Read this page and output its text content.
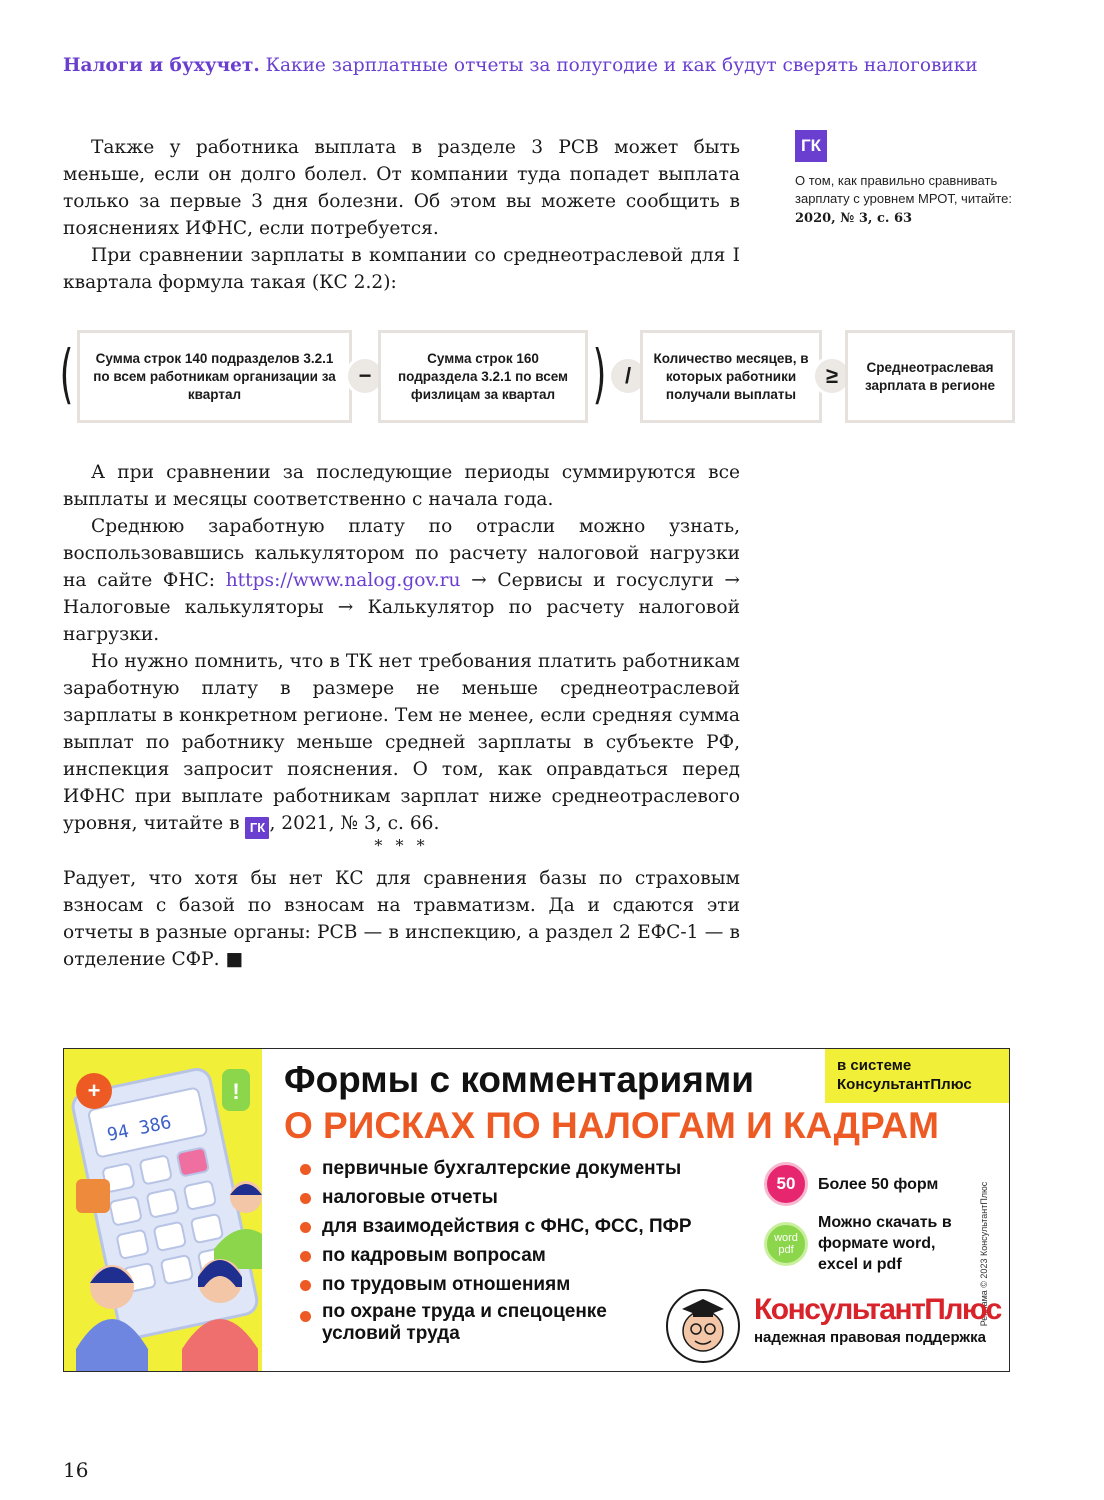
Налоги и бухучет. Какие зарплатные отчеты за полугодие и как будут сверять налоговики

Также у работника выплата в разделе 3 РСВ может быть меньше, если он долго болел. От компании туда попадет выплата только за первые 3 дня болезни. Об этом вы можете сообщить в пояснениях ИФНС, если потребуется.

При сравнении зарплаты в компании со среднеотраслевой для I квартала формула такая (КС 2.2):

ГК
О том, как правильно сравнивать зарплату с уровнем МРОТ, читайте:
2020, № 3, с. 63
( Сумма строк 140 подразделов 3.2.1 по всем работникам организации за квартал
−
Сумма строк 160 подраздела 3.2.1 по всем физлицам за квартал ) /
Количество месяцев, в которых работники получали выплаты
≥	Среднеотраслевая зарплата в регионе

А при сравнении за последующие периоды суммируются все выплаты и месяцы соответственно с начала года.

Среднюю заработную плату по отрасли можно узнать, воспользовавшись калькулятором по расчету налоговой нагрузки на сайте ФНС: https://www.nalog.gov.ru → Сервисы и госуслуги → Налоговые калькуляторы → Калькулятор по расчету налоговой нагрузки.

Но нужно помнить, что в ТК нет требования платить работникам заработную плату в размере не меньше среднеотраслевой зарплаты в конкретном регионе. Тем не менее, если средняя сумма выплат по работнику меньше средней зарплаты в субъекте РФ, инспекция запросит пояснения. О том, как оправдаться перед ИФНС при выплате работникам зарплат ниже среднеотраслевого уровня, читайте в ГК , 2021, № 3, с. 66.

* * *

Радует, что хотя бы нет КС для сравнения базы по страховым взносам с базой по взносам на травматизм. Да и сдаются эти отчеты в разные органы: РСВ — в инспекцию, а раздел 2 ЕФС-1 — в отделение СФР. ■

94 386
+	!
в системе КонсультантПлюс
Формы с комментариями
О РИСКАХ ПО НАЛОГАМ И КАДРАМ
первичные бухгалтерские документы
налоговые отчеты
для взаимодействия с ФНС, ФСС, ПФР
по кадровым вопросам
по трудовым отношениям
по охране труда и спецоценке
условий труда
50	Более 50 форм
word
pdf
Можно скачать в формате word, excel и pdf	Реклама © 2023 КонсультантПлюс
КонсультантПлюс
надежная правовая поддержка
16
